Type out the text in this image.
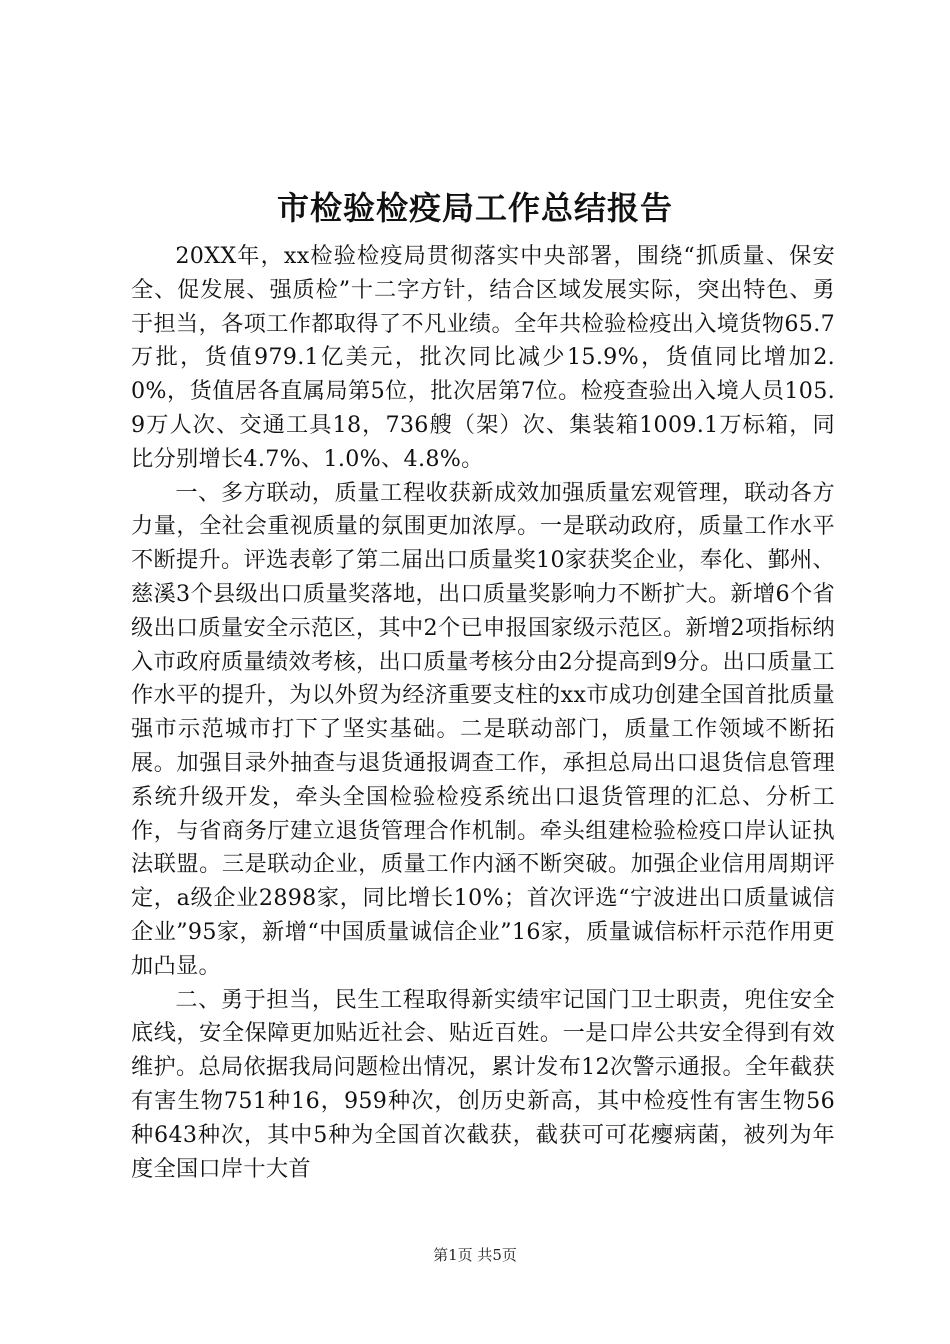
市检验检疫局工作总结报告

20XX年，xx检验检疫局贯彻落实中央部署，围绕“抓质量、保安全、促发展、强质检”十二字方针，结合区域发展实际，突出特色、勇于担当，各项工作都取得了不凡业绩。全年共检验检疫出入境货物65.7万批，货值979.1亿美元，批次同比减少15.9%，货值同比增加2.0%，货值居各直属局第5位，批次居第7位。检疫查验出入境人员105.9万人次、交通工具18，736艘（架）次、集装箱1009.1万标箱，同比分别增长4.7%、1.0%、4.8%。

一、多方联动，质量工程收获新成效加强质量宏观管理，联动各方力量，全社会重视质量的氛围更加浓厚。一是联动政府，质量工作水平不断提升。评选表彰了第二届出口质量奖10家获奖企业，奉化、鄞州、慈溪3个县级出口质量奖落地，出口质量奖影响力不断扩大。新增6个省级出口质量安全示范区，其中2个已申报国家级示范区。新增2项指标纳入市政府质量绩效考核，出口质量考核分由2分提高到9分。出口质量工作水平的提升，为以外贸为经济重要支柱的xx市成功创建全国首批质量强市示范城市打下了坚实基础。二是联动部门，质量工作领域不断拓展。加强目录外抽查与退货通报调查工作，承担总局出口退货信息管理系统升级开发，牵头全国检验检疫系统出口退货管理的汇总、分析工作，与省商务厅建立退货管理合作机制。牵头组建检验检疫口岸认证执法联盟。三是联动企业，质量工作内涵不断突破。加强企业信用周期评定，a级企业2898家，同比增长10%；首次评选“宁波进出口质量诚信企业”95家，新增“中国质量诚信企业”16家，质量诚信标杆示范作用更加凸显。

二、勇于担当，民生工程取得新实绩牢记国门卫士职责，兜住安全底线，安全保障更加贴近社会、贴近百姓。一是口岸公共安全得到有效维护。总局依据我局问题检出情况，累计发布12次警示通报。全年截获有害生物751种16，959种次，创历史新高，其中检疫性有害生物56种643种次，其中5种为全国首次截获，截获可可花瘿病菌，被列为年度全国口岸十大首

第1页 共5页
